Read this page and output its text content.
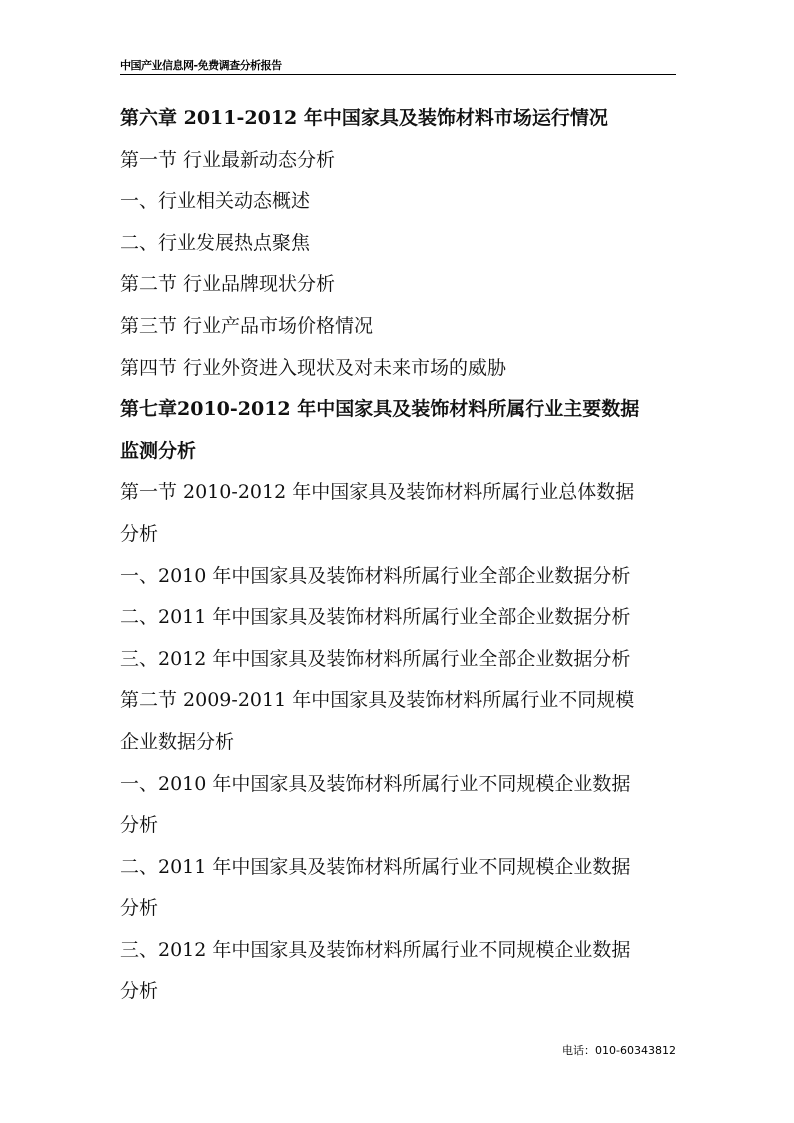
中国产业信息网-免费调查分析报告
第六章 2011-2012 年中国家具及装饰材料市场运行情况
第一节 行业最新动态分析
一、行业相关动态概述
二、行业发展热点聚焦
第二节 行业品牌现状分析
第三节 行业产品市场价格情况
第四节 行业外资进入现状及对未来市场的威胁
第七章2010-2012 年中国家具及装饰材料所属行业主要数据
监测分析
第一节 2010-2012 年中国家具及装饰材料所属行业总体数据
分析
一、2010 年中国家具及装饰材料所属行业全部企业数据分析
二、2011 年中国家具及装饰材料所属行业全部企业数据分析
三、2012 年中国家具及装饰材料所属行业全部企业数据分析
第二节 2009-2011 年中国家具及装饰材料所属行业不同规模
企业数据分析
一、2010 年中国家具及装饰材料所属行业不同规模企业数据
分析
二、2011 年中国家具及装饰材料所属行业不同规模企业数据
分析
三、2012 年中国家具及装饰材料所属行业不同规模企业数据
分析
电话：010-60343812
